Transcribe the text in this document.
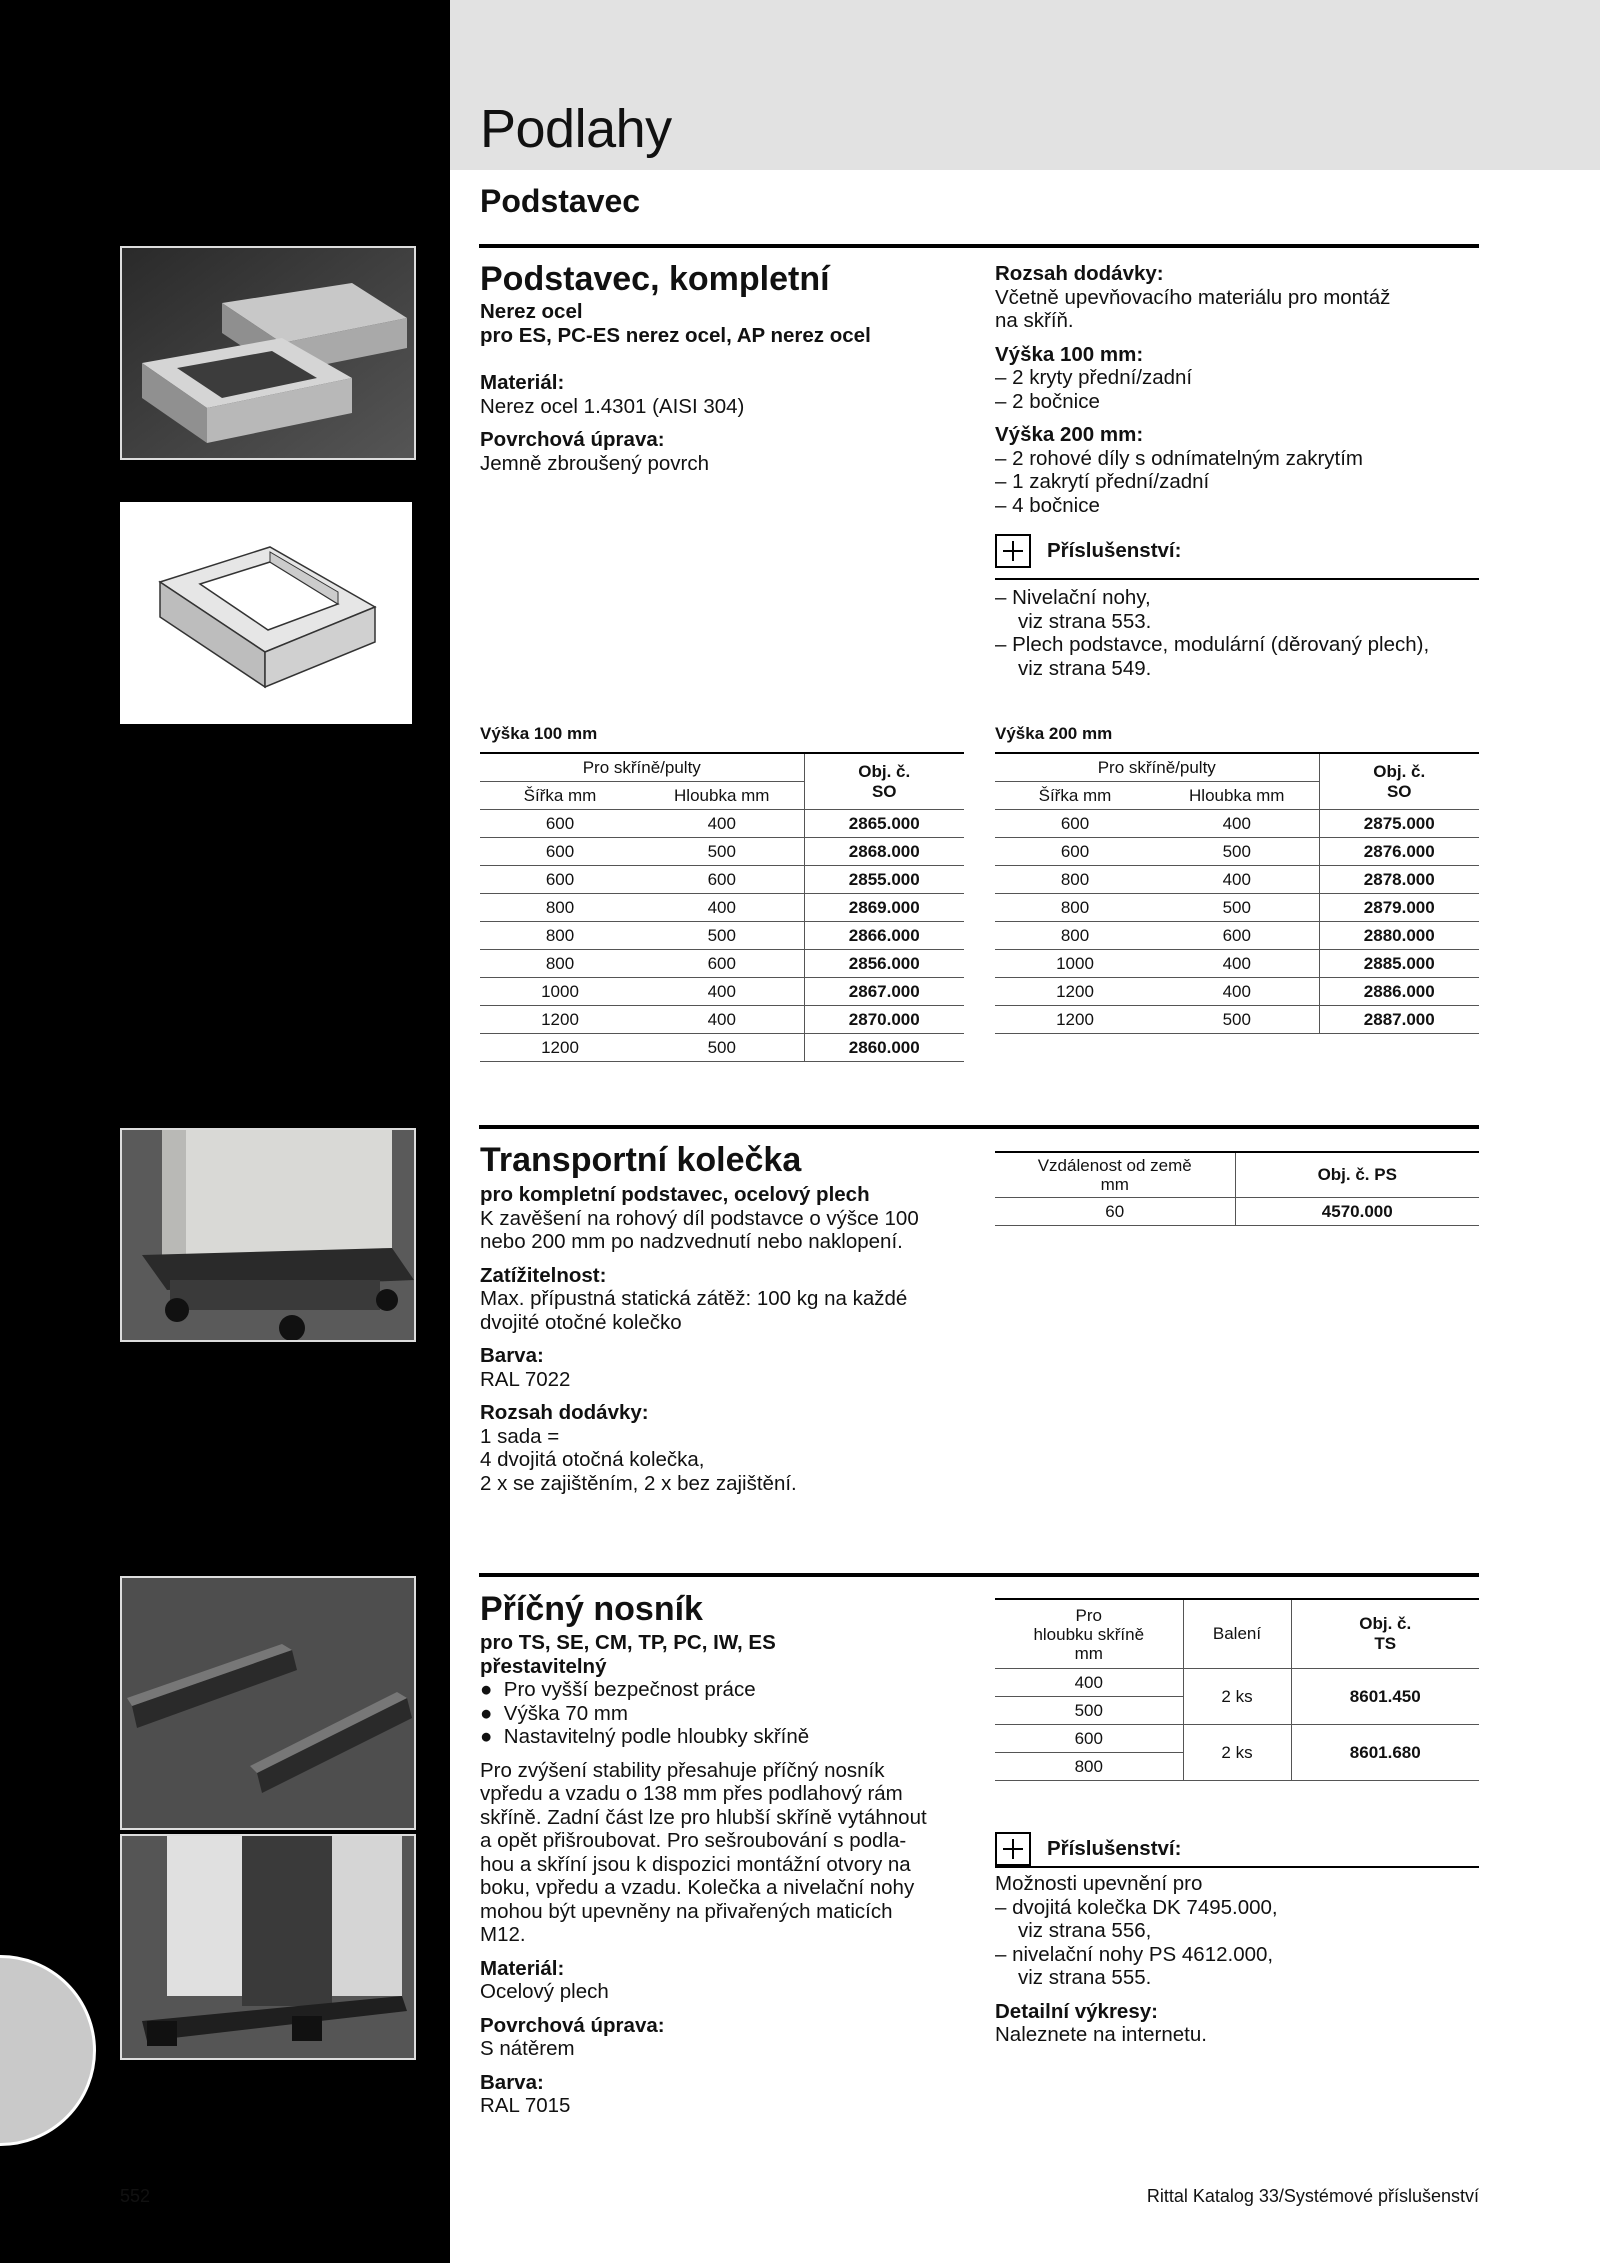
Podlahy
Podstavec
Podstavec, kompletní

Nerez ocel

pro ES, PC-ES nerez ocel, AP nerez ocel

Materiál:

Nerez ocel 1.4301 (AISI 304)

Povrchová úprava:

Jemně zbroušený povrch

Rozsah dodávky:

Včetně upevňovacího materiálu pro montáž

na skříň.

Výška 100 mm:

– 2 kryty přední/zadní

– 2 bočnice

Výška 200 mm:

– 2 rohové díly s odnímatelným zakrytím

– 1 zakrytí přední/zadní

– 4 bočnice

Příslušenství:

– Nivelační nohy,

viz strana 553.

– Plech podstavce, modulární (děrovaný plech),

viz strana 549.

Výška 100 mm
Pro skříně/pulty		Obj. č.
SO
Šířka mm	Hloubka mm	
600	400	2865.000
600	500	2868.000
600	600	2855.000
800	400	2869.000
800	500	2866.000
800	600	2856.000
1000	400	2867.000
1200	400	2870.000
1200	500	2860.000
Výška 200 mm
Pro skříně/pulty		Obj. č.
SO
Šířka mm	Hloubka mm	
600	400	2875.000
600	500	2876.000
800	400	2878.000
800	500	2879.000
800	600	2880.000
1000	400	2885.000
1200	400	2886.000
1200	500	2887.000
Transportní kolečka

pro kompletní podstavec, ocelový plech

K zavěšení na rohový díl podstavce o výšce 100

nebo 200 mm po nadzvednutí nebo naklopení.

Zatížitelnost:

Max. přípustná statická zátěž: 100 kg na každé

dvojité otočné kolečko

Barva:

RAL 7022

Rozsah dodávky:

1 sada =

4 dvojitá otočná kolečka,

2 x se zajištěním, 2 x bez zajištění.

Vzdálenost od země
mm	Obj. č. PS
60	4570.000
Příčný nosník

pro TS, SE, CM, TP, PC, IW, ES

přestavitelný

●  Pro vyšší bezpečnost práce

●  Výška 70 mm

●  Nastavitelný podle hloubky skříně

Pro zvýšení stability přesahuje příčný nosník

vpředu a vzadu o 138 mm přes podlahový rám

skříně. Zadní část lze pro hlubší skříně vytáhnout

a opět přišroubovat. Pro sešroubování s podla-

hou a skříní jsou k dispozici montážní otvory na

boku, vpředu a vzadu. Kolečka a nivelační nohy

mohou být upevněny na přivařených maticích

M12.

Materiál:

Ocelový plech

Povrchová úprava:

S nátěrem

Barva:

RAL 7015

Pro
hloubku skříně
mm	Balení	Obj. č.
TS
400	2 ks	8601.450
500		
600	2 ks	8601.680
800		
Příslušenství:

Možnosti upevnění pro

– dvojitá kolečka DK 7495.000,

viz strana 556,

– nivelační nohy PS 4612.000,

viz strana 555.

Detailní výkresy:

Naleznete na internetu.

552	Rittal Katalog 33/Systémové příslušenství
